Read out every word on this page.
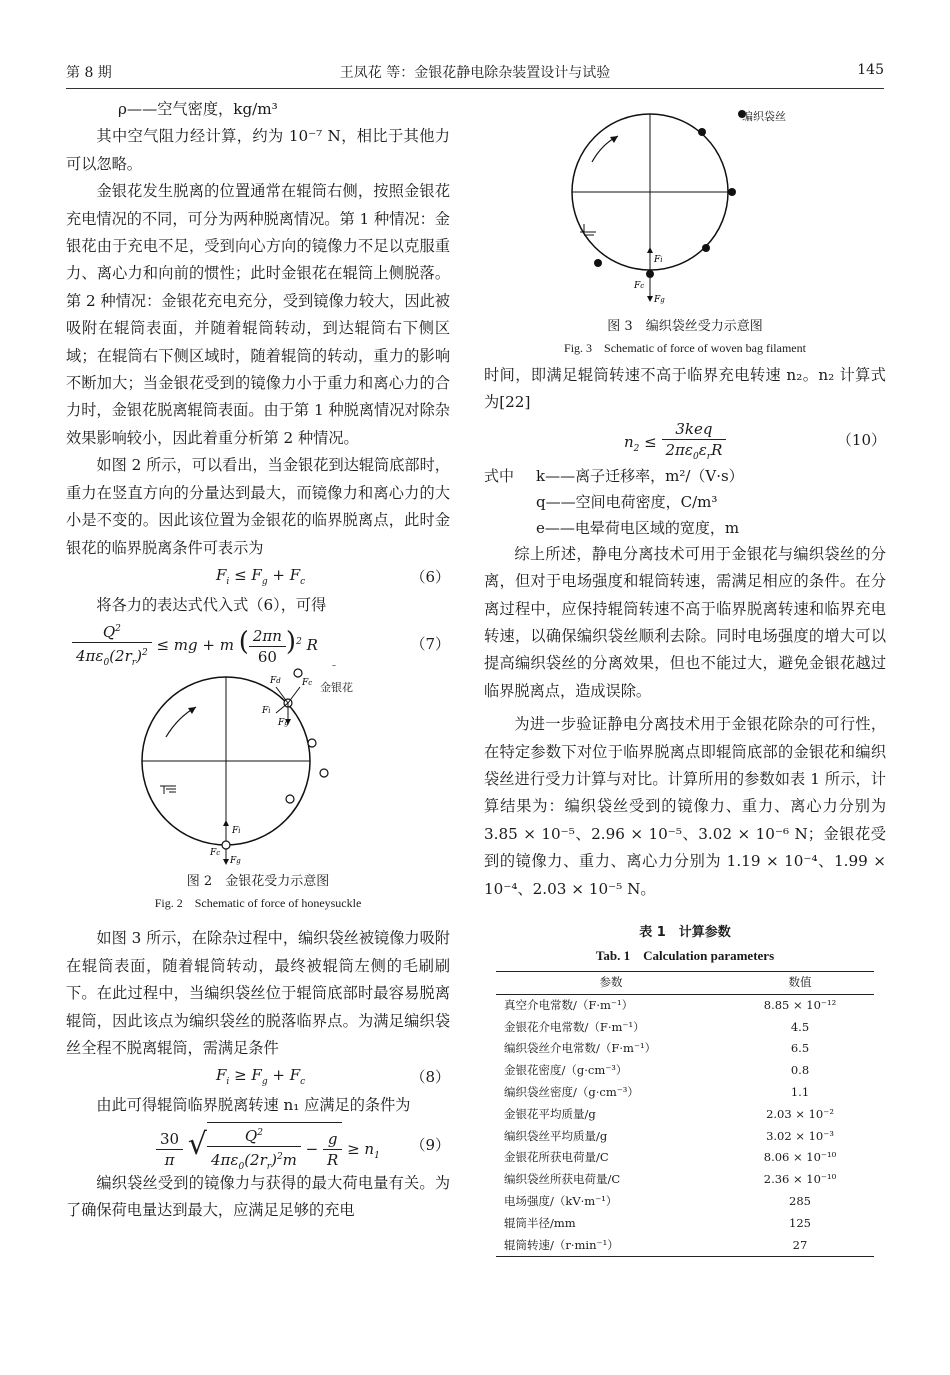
第 8 期	王凤花 等：金银花静电除杂装置设计与试验	145
ρ——空气密度，kg/m³

其中空气阻力经计算，约为 10⁻⁷ N，相比于其他力可以忽略。

金银花发生脱离的位置通常在辊筒右侧，按照金银花充电情况的不同，可分为两种脱离情况。第 1 种情况：金银花由于充电不足，受到向心方向的镜像力不足以克服重力、离心力和向前的惯性；此时金银花在辊筒上侧脱落。第 2 种情况：金银花充电充分，受到镜像力较大，因此被吸附在辊筒表面，并随着辊筒转动，到达辊筒右下侧区域；在辊筒右下侧区域时，随着辊筒的转动，重力的影响不断加大；当金银花受到的镜像力小于重力和离心力的合力时，金银花脱离辊筒表面。由于第 1 种脱离情况对除杂效果影响较小，因此着重分析第 2 种情况。

如图 2 所示，可以看出，当金银花到达辊筒底部时，重力在竖直方向的分量达到最大，而镜像力和离心力的大小是不变的。因此该位置为金银花的临界脱离点，此时金银花的临界脱离条件可表示为

$F_i \le F_g + F_c$	（6）

将各力的表达式代入式（6），可得

$\frac{Q^2}{4\pi\varepsilon_0(2r_r)^2}$ ≤ mg + m ( $\frac{2\pi n}{60} )^2$ R	（7）
Fd Fc
Fi
Fg
Fi
Fc
Fg
金银花
图 2　金银花受力示意图
Fig. 2　Schematic of force of honeysuckle

如图 3 所示，在除杂过程中，编织袋丝被镜像力吸附在辊筒表面，随着辊筒转动，最终被辊筒左侧的毛刷刷下。在此过程中，当编织袋丝位于辊筒底部时最容易脱离辊筒，因此该点为编织袋丝的脱落临界点。为满足编织袋丝全程不脱离辊筒，需满足条件

$F_i \ge F_g + F_c$	（8）

由此可得辊筒临界脱离转速 n₁ 应满足的条件为

$\frac{30}{\pi}$ √ $\frac{Q^2}{4\pi\varepsilon_0(2r_r)^2m} - \frac{g}{R} \ge n_1$
（9）

编织袋丝受到的镜像力与获得的最大荷电量有关。为了确保荷电量达到最大，应满足足够的充电

Fi
Fc
Fg
编织袋丝
图 3　编织袋丝受力示意图
Fig. 3　Schematic of force of woven bag filament

时间，即满足辊筒转速不高于临界充电转速 n₂。n₂ 计算式为[22]

$n_2 \le \frac{\text{3keq}}{2\pi\varepsilon_0\varepsilon_rR}$	（10）
式中 k——离子迁移率，m²/（V·s）
q——空间电荷密度，C/m³
e——电晕荷电区域的宽度，m

综上所述，静电分离技术可用于金银花与编织袋丝的分离，但对于电场强度和辊筒转速，需满足相应的条件。在分离过程中，应保持辊筒转速不高于临界脱离转速和临界充电转速，以确保编织袋丝顺利去除。同时电场强度的增大可以提高编织袋丝的分离效果，但也不能过大，避免金银花越过临界脱离点，造成误除。

为进一步验证静电分离技术用于金银花除杂的可行性，在特定参数下对位于临界脱离点即辊筒底部的金银花和编织袋丝进行受力计算与对比。计算所用的参数如表 1 所示，计算结果为：编织袋丝受到的镜像力、重力、离心力分别为 3.85 × 10⁻⁵、2.96 × 10⁻⁵、3.02 × 10⁻⁶ N；金银花受到的镜像力、重力、离心力分别为 1.19 × 10⁻⁴、1.99 × 10⁻⁴、2.03 × 10⁻⁵ N。

表 1　计算参数
Tab. 1　Calculation parameters
参数	数值
真空介电常数/（F·m⁻¹）	8.85 × 10⁻¹²
金银花介电常数/（F·m⁻¹）	4.5
编织袋丝介电常数/（F·m⁻¹）	6.5
金银花密度/（g·cm⁻³）	0.8
编织袋丝密度/（g·cm⁻³）	1.1
金银花平均质量/g	2.03 × 10⁻²
编织袋丝平均质量/g	3.02 × 10⁻³
金银花所获电荷量/C	8.06 × 10⁻¹⁰
编织袋丝所获电荷量/C	2.36 × 10⁻¹⁰
电场强度/（kV·m⁻¹）	285
辊筒半径/mm	125
辊筒转速/（r·min⁻¹）	27
